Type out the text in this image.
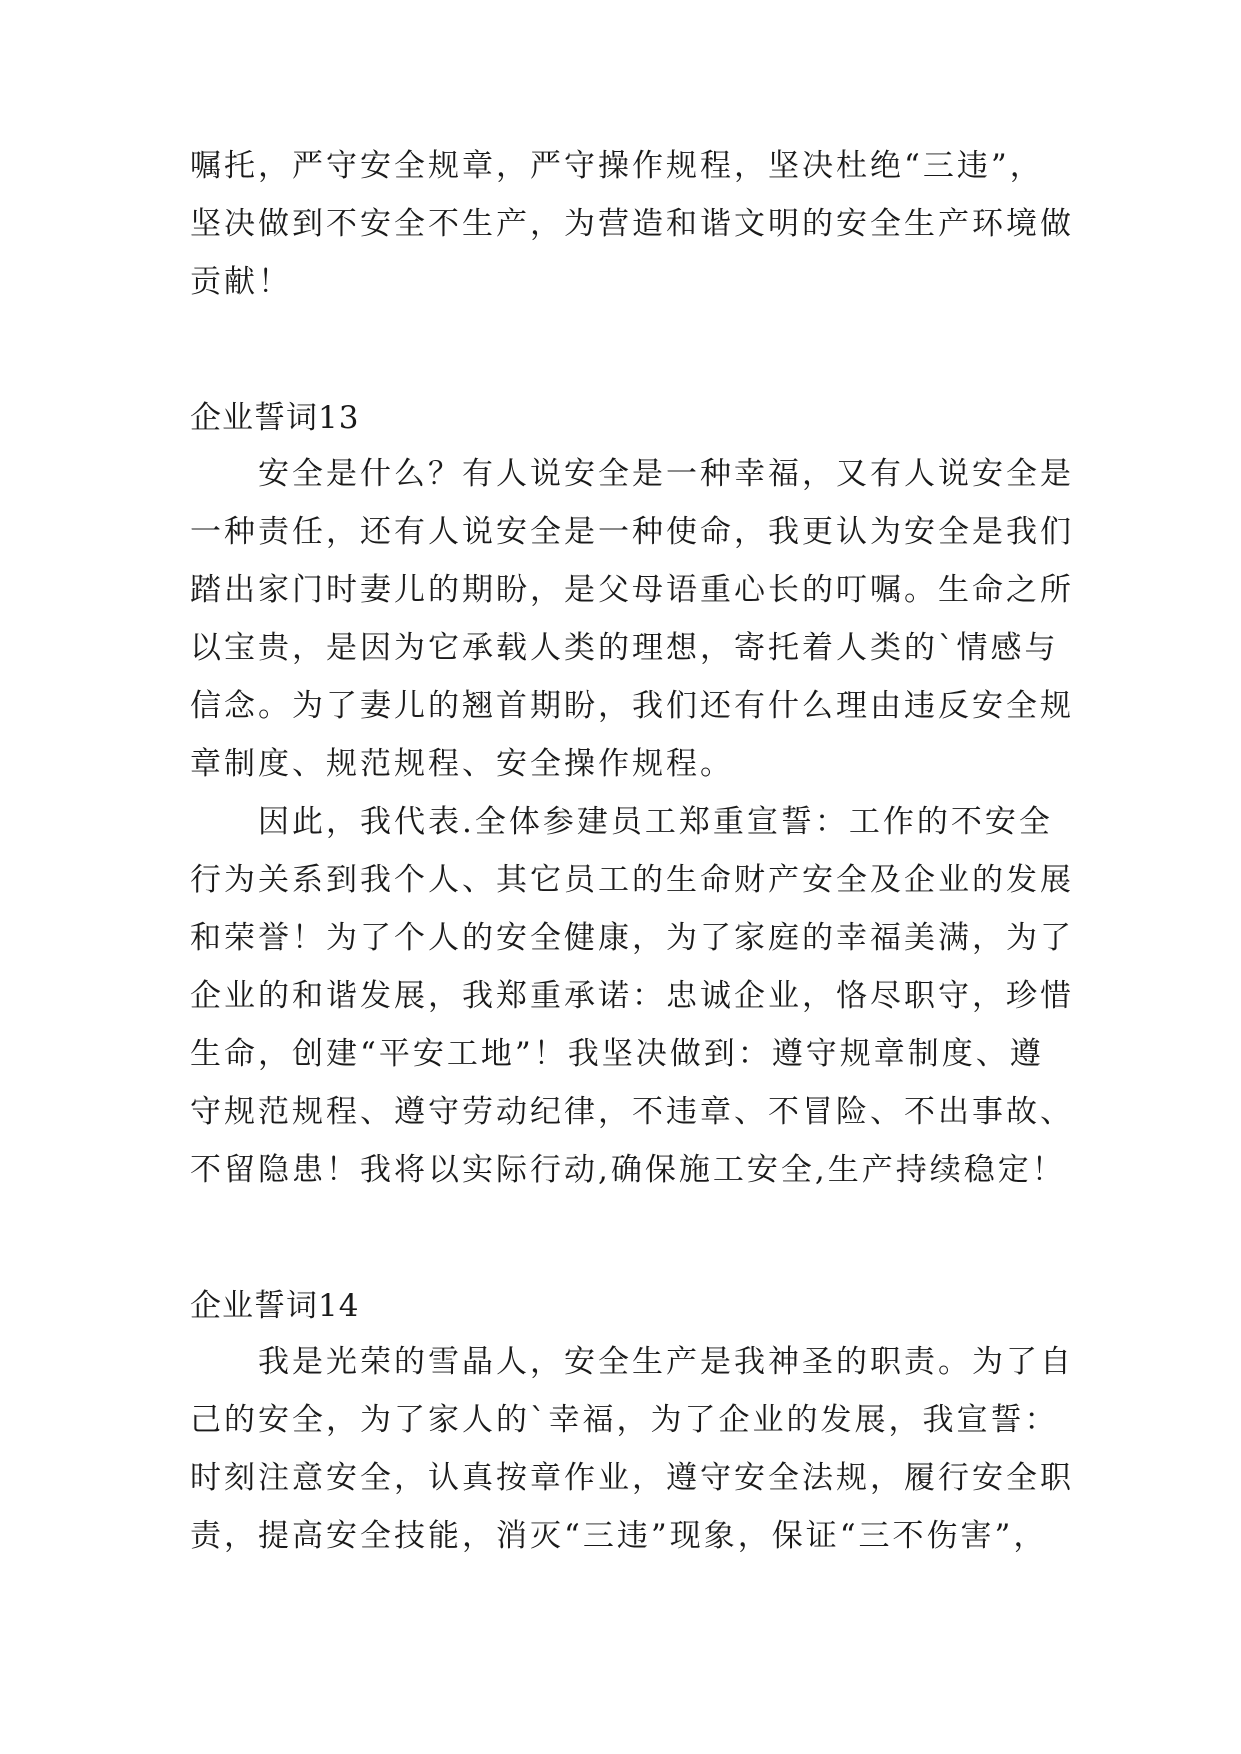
嘱托，严守安全规章，严守操作规程，坚决杜绝“三违”，
坚决做到不安全不生产，为营造和谐文明的安全生产环境做
贡献！
企业誓词13
　　安全是什么？有人说安全是一种幸福，又有人说安全是
一种责任，还有人说安全是一种使命，我更认为安全是我们
踏出家门时妻儿的期盼，是父母语重心长的叮嘱。生命之所
以宝贵，是因为它承载人类的理想，寄托着人类的`情感与
信念。为了妻儿的翘首期盼，我们还有什么理由违反安全规
章制度、规范规程、安全操作规程。
　　因此，我代表.全体参建员工郑重宣誓：工作的不安全
行为关系到我个人、其它员工的生命财产安全及企业的发展
和荣誉！为了个人的安全健康，为了家庭的幸福美满，为了
企业的和谐发展，我郑重承诺：忠诚企业，恪尽职守，珍惜
生命，创建“平安工地”！我坚决做到：遵守规章制度、遵
守规范规程、遵守劳动纪律，不违章、不冒险、不出事故、
不留隐患！我将以实际行动,确保施工安全,生产持续稳定！
企业誓词14
　　我是光荣的雪晶人，安全生产是我神圣的职责。为了自
己的安全，为了家人的`幸福，为了企业的发展，我宣誓：
时刻注意安全，认真按章作业，遵守安全法规，履行安全职
责，提高安全技能，消灭“三违”现象，保证“三不伤害”，
